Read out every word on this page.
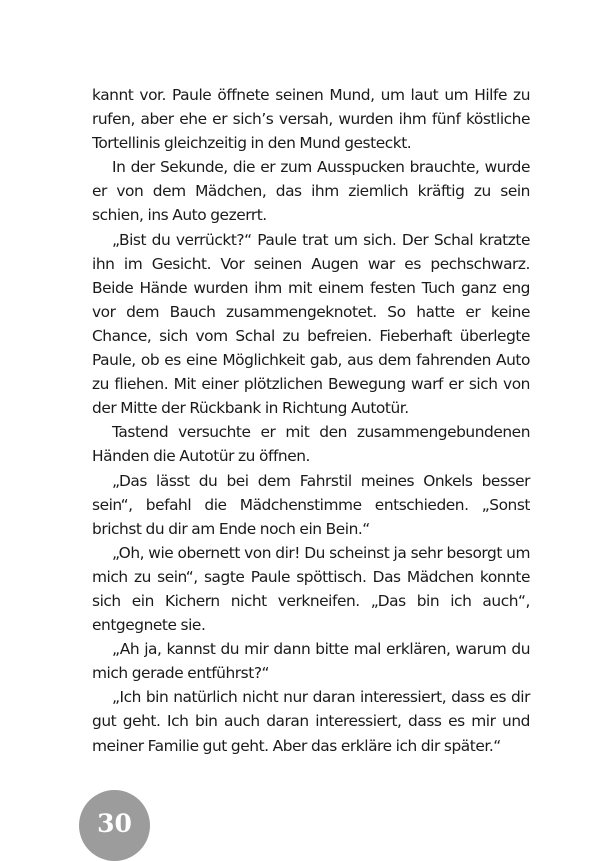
kannt vor. Paule öffnete seinen Mund, um laut um Hilfe zu rufen, aber ehe er sich’s versah, wurden ihm fünf köstliche Tortellinis gleichzeitig in den Mund gesteckt.

In der Sekunde, die er zum Ausspucken brauchte, wurde er von dem Mädchen, das ihm ziemlich kräftig zu sein schien, ins Auto gezerrt.

„Bist du verrückt?“ Paule trat um sich. Der Schal kratzte ihn im Gesicht. Vor seinen Augen war es pechschwarz. Beide Hände wurden ihm mit einem festen Tuch ganz eng vor dem Bauch zusammengeknotet. So hatte er keine Chance, sich vom Schal zu befreien. Fieberhaft überlegte Paule, ob es eine Möglichkeit gab, aus dem fahrenden Auto zu fliehen. Mit einer plötzlichen Bewegung warf er sich von der Mitte der Rückbank in Richtung Autotür.

Tastend versuchte er mit den zusammengebundenen Händen die Autotür zu öffnen.

„Das lässt du bei dem Fahrstil meines Onkels besser sein“, befahl die Mädchenstimme entschieden. „Sonst brichst du dir am Ende noch ein Bein.“

„Oh, wie obernett von dir! Du scheinst ja sehr besorgt um mich zu sein“, sagte Paule spöttisch. Das Mädchen konnte sich ein Kichern nicht verkneifen. „Das bin ich auch“, entgegnete sie.

„Ah ja, kannst du mir dann bitte mal erklären, warum du mich gerade entführst?“

„Ich bin natürlich nicht nur daran interessiert, dass es dir gut geht. Ich bin auch daran interessiert, dass es mir und meiner Familie gut geht. Aber das erkläre ich dir später.“

30
